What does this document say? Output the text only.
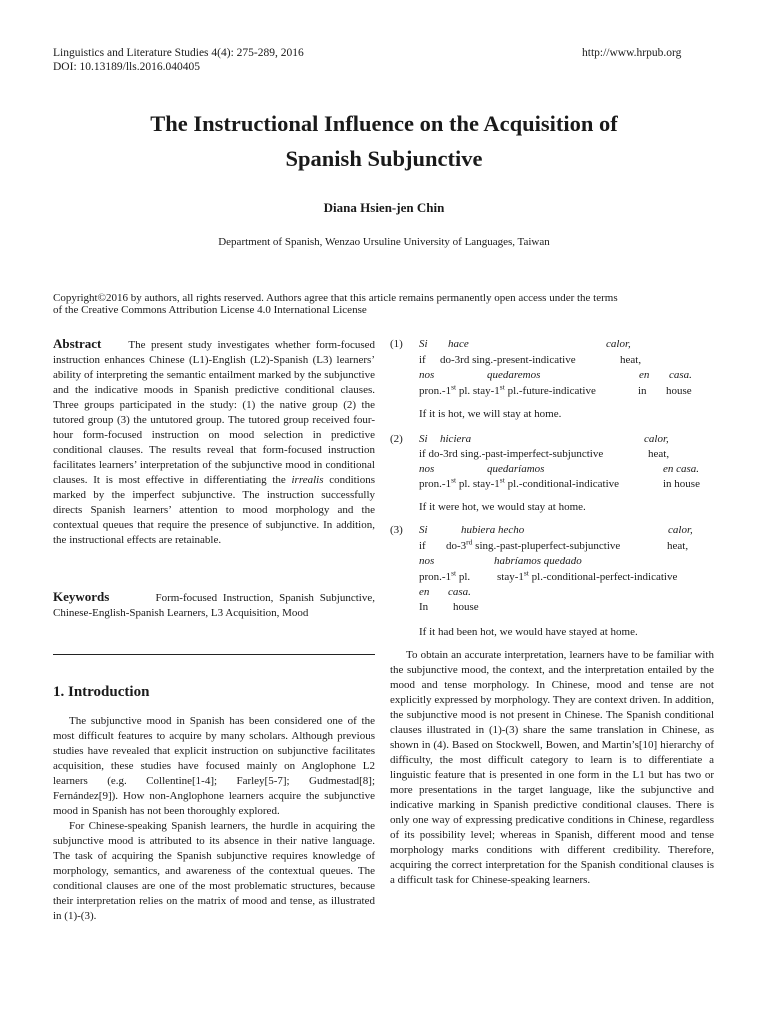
Linguistics and Literature Studies 4(4): 275-289, 2016
DOI: 10.13189/lls.2016.040405
http://www.hrpub.org
The Instructional Influence on the Acquisition of
Spanish Subjunctive
Diana Hsien-jen Chin
Department of Spanish, Wenzao Ursuline University of Languages, Taiwan
Copyright©2016 by authors, all rights reserved. Authors agree that this article remains permanently open access under the terms
of the Creative Commons Attribution License 4.0 International License

Abstract The present study investigates whether form-focused instruction enhances Chinese (L1)-English (L2)-Spanish (L3) learners’ ability of interpreting the semantic entailment marked by the subjunctive and the indicative moods in Spanish predictive conditional clauses. Three groups participated in the study: (1) the native group (2) the tutored group (3) the untutored group. The tutored group received four-hour form-focused instruction on mood selection in predictive conditional clauses. The results reveal that form-focused instruction facilitates learners’ interpretation of the subjunctive mood in conditional clauses. It is most effective in differentiating the irrealis conditions marked by the imperfect subjunctive. The instruction successfully directs Spanish learners’ attention to mood morphology and the contextual queues that require the presence of subjunctive. In addition, the instructional effects are retainable.

Keywords	Form-focused Instruction, Spanish Subjunctive, Chinese-English-Spanish Learners, L3 Acquisition, Mood

1. Introduction

The subjunctive mood in Spanish has been considered one of the most difficult features to acquire by many scholars. Although previous studies have revealed that explicit instruction on subjunctive facilitates acquisition, these studies have focused mainly on Anglophone L2 learners (e.g. Collentine[1-4]; Farley[5-7]; Gudmestad[8]; Fernández[9]). How non-Anglophone learners acquire the subjunctive mood in Spanish has not been thoroughly explored.

For Chinese-speaking Spanish learners, the hurdle in acquiring the subjunctive mood is attributed to its absence in their native language. The task of acquiring the Spanish subjunctive requires knowledge of morphology, semantics, and awareness of the contextual queues. The conditional clauses are one of the most problematic structures, because their interpretation relies on the matrix of mood and tense, as illustrated in (1)-(3).

(1) Si hace	calor,
if do-3rd sing.-present-indicative	heat,
nos	quedaremos	en casa.
pron.-1st pl. stay-1st pl.-future-indicative	in house
If it is hot, we will stay at home.
(2) Si hiciera	calor,
if do-3rd sing.-past-imperfect-subjunctive	heat,
nos	quedaríamos	en casa.
pron.-1st pl. stay-1st pl.-conditional-indicative	in house
If it were hot, we would stay at home.
(3) Si	hubiera hecho	calor,
if do-3rd sing.-past-pluperfect-subjunctive	heat,
nos	habríamos quedado
pron.-1st pl. stay-1st pl.-conditional-perfect-indicative
en casa.
In house
If it had been hot, we would have stayed at home.

To obtain an accurate interpretation, learners have to be familiar with the subjunctive mood, the context, and the interpretation entailed by the mood and tense morphology. In Chinese, mood and tense are not explicitly expressed by morphology. They are context driven. In addition, the subjunctive mood is not present in Chinese. The Spanish conditional clauses illustrated in (1)-(3) share the same translation in Chinese, as shown in (4). Based on Stockwell, Bowen, and Martin’s[10] hierarchy of difficulty, the most difficult category to learn is to differentiate a linguistic feature that is presented in one form in the L1 but has two or more presentations in the target language, like the subjunctive and indicative marking in Spanish predictive conditional clauses. There is only one way of expressing predicative conditions in Chinese, regardless of its possibility level; whereas in Spanish, different mood and tense morphology marks conditions with different credibility. Therefore, acquiring the correct interpretation for the Spanish conditional clauses is a difficult task for Chinese-speaking learners.
